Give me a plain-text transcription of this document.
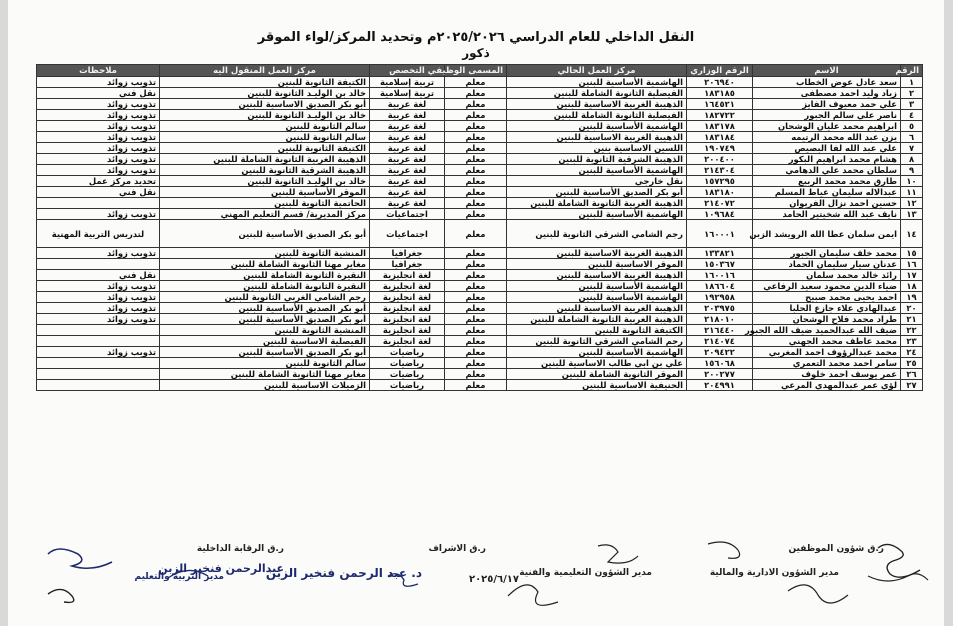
النقل الداخلي للعام الدراسي ٢٠٢٥/٢٠٢٦م وتحديد المركز/لواء الموقر
ذكور
الرقم	الاسم	الرقم الوزاري	مركز العمل الحالي	المسمى الوظيفي	التخصص	مركز العمل المنقول اليه	ملاحظات
١	سعد عادل عوض الخطاب	٢٠٦٩٤٠	الهاشمية الأساسية للبنين	معلم	تربية إسلامية	الكتيفة الثانوية للبنين	تذويب زوائد
٢	زياد وليد احمد مصطفى	١٨٣١٨٥	الفيصلية الثانوية الشاملة للبنين	معلم	تربية إسلامية	خالد بن الوليـد الثانوية للبنين	نقل فني
٣	علي حمد معيوف الفايز	١٦٤٥٢١	الذهيبة الغربية الاساسية للبنين	معلم	لغة عربية	أبو بكر الصديق الاساسية للبنين	تذويب زوائد
٤	ناصر علي سالم الجبور	١٨٢٧٢٢	الفيصلية الثانوية الشاملة للبنين	معلم	لغة عربية	خالد بن الوليـد الثانوية للبنين	تذويب زوائد
٥	ابراهيم محمد عليان الوشحان	١٨٣١٧٨	الهاشمية الأساسية للبنين	معلم	لغة عربية	سالم الثانوية للبنين	تذويب زوائد
٦	يزن عبد الله محمد الرتيمه	١٨٣١٨٤	الذهيبة الغربية الاساسية للبنين	معلم	لغة عربية	سالم الثانوية للبنين	تذويب زوائد
٧	علي عبد الله لفا البصيص	١٩٠٧٤٩	اللسين الاساسية بنين	معلم	لغة عربية	الكتيفة الثانوية للبنين	تذويب زوائد
٨	هشام محمد ابراهيم البكور	٢٠٠٤٠٠	الذهيبة الشرقية الثانوية للبنين	معلم	لغة عربية	الذهيبة الغربية الثانوية الشاملة للبنين	تذويب زوائد
٩	سلطان محمد علي الدهامي	٢١٤٣٠٤	الهاشمية الأساسية للبنين	معلم	لغة عربية	الذهيبة الشرقية الثانوية للبنين	تذويب زوائد
١٠	طارق محمد محمد الربيع	١٥٧٢٩٥	نقل خارجي	معلم	لغة عربية	خالد بن الوليـد الثانوية للبنين	تحديد مركز عمل
١١	عبدالاله سليمان عياط المسلم	١٨٣١٨٠	أبو بكر الصديق الأساسية للبنين	معلم	لغة عربية	الموقر الأساسية للبنين	نقل فني
١٢	حسين احمد نزال الفريوان	٢١٤٠٧٢	الذهيبة الغربية الثانوية الشاملة للبنين	معلم	لغة عربية	الحاتمية الثانوية للبنين	
١٣	نايف عبد الله شخيتير الحامد	١٠٩٦٨٤	الهاشمية الأساسية للبنين	معلم	اجتماعيات	مركز المديرية/ قسم التعليم المهني	تذويب زوائد
١٤	ايمن سلمان عطا الله الرويشد الزبن	١٦٠٠٠١	رجم الشامي الشرقي الثانوية للبنين	معلم	اجتماعيات	أبو بكر الصديق الأساسية للبنين	لتدريس التربية المهنية
١٥	محمد خلف سليمان الجبور	١٣٣٨٢١	الذهيبة الغربية الاساسية للبنين	معلم	جغرافيا	المنشية الثانوية للبنين	تذويب زوائد
١٦	عدنان سيار سليمان الحماد	١٥٠٣٦٧	الموقر الاساسية للبنين	معلم	جغرافيا	مغاير مهنا الثانوية الشاملة للبنين	
١٧	رائد خالد محمد سلمان	١٦٠٠١٦	الذهيبة الغربية الاساسية للبنين	معلم	لغة انجليزية	النقيرة الثانوية الشاملة للبنين	نقل فني
١٨	ضياء الدين محمود سعيد الرفاعي	١٨٦٦٠٤	الهاشمية الأساسية للبنين	معلم	لغة انجليزية	النقيرة الثانوية الشاملة للبنين	تذويب زوائد
١٩	احمد يحيى محمد صبيح	١٩٢٩٥٨	الهاشمية الأساسية للبنين	معلم	لغة انجليزية	رجم الشامي الغربي الثانوية للبنين	تذويب زوائد
٢٠	عبدالهادي علاء جازع الحلبا	٢٠٣٩٧٥	الذهيبة الغربية الاساسية للبنين	معلم	لغة انجليزية	أبو بكر الصديق الأساسية للبنين	تذويب زوائد
٢١	طراد محمد فلاح الوشحان	٢١٨٠١٠	الذهيبة الغربية الثانوية الشاملة للبنين	معلم	لغة انجليزية	أبو بكر الصديق الأساسية للبنين	تذويب زوائد
٢٢	ضيف الله عبدالحميد ضيف الله الجبور	٢١٦٤٤٠	الكتيفة الثانوية للبنين	معلم	لغة انجليزية	المنشية الثانوية للبنين	
٢٣	محمد عاطف محمد الجهني	٢١٤٠٧٤	رجم الشامي الشرقي الثانوية للبنين	معلم	لغة انجليزية	الفيصلية الاساسية للبنين	
٢٤	محمد عبدالرؤوف احمد المغربي	٢٠٩٤٢٢	الهاشمية الأساسية للبنين	معلم	رياضيات	أبو بكر الصديق الأساسية للبنين	تذويب زوائد
٢٥	سامر احمد محمد التعمري	١٥٦٠٦٨	علي بن ابي طالب الاساسية للبنين	معلم	رياضيات	سالم الثانوية للبنين	
٢٦	عمر يوسف احمد خلوف	٢٠٠٢٧٧	الموقر الثانوية الشاملة للبنين	معلم	رياضيات	مغاير مهنا الثانوية الشاملة للبنين	
٢٧	لؤي عمر عبدالمهدي المرعي	٢٠٤٩٩١	الحنيفية الاساسية للبنين	معلم	رياضيات	الزميلات الاساسية للبنين	
ر.ق شؤون الموظفين
مدير الشؤون الادارية والمالية
مدير الشؤون التعليمية والفنية
ر.ق الاشراف
ر.ق الرقابة الداخلية
د. عبد الرحمن فنخير الزبن
مدير التربية والتعليم
عبدالرحمن فنخير الزبن
٢٠٢٥/٦/١٧
